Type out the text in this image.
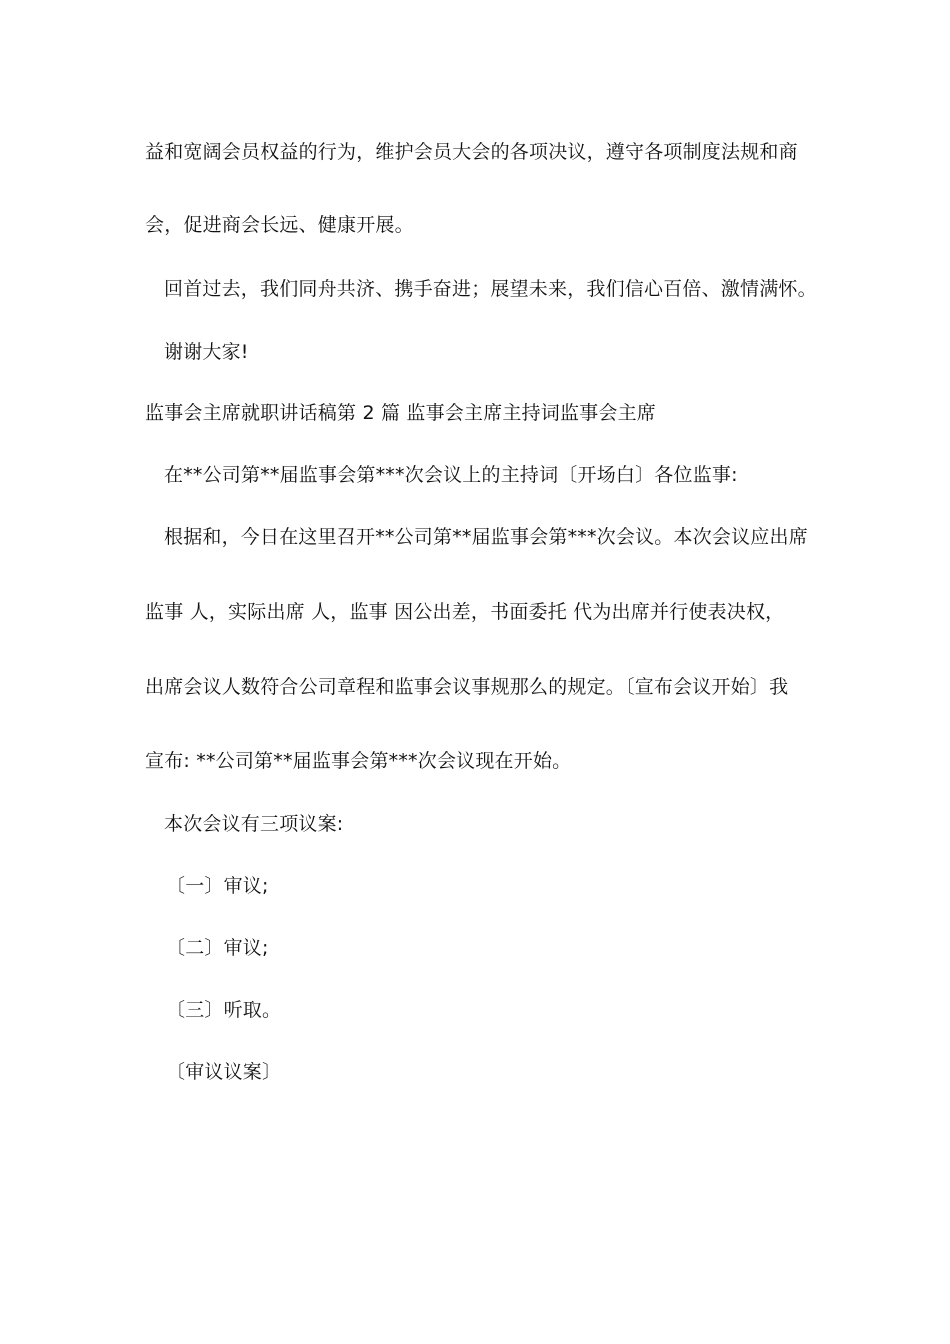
益和宽阔会员权益的行为，维护会员大会的各项决议，遵守各项制度法规和商
会，促进商会长远、健康开展。
回首过去，我们同舟共济、携手奋进；展望未来，我们信心百倍、激情满怀。
谢谢大家!
监事会主席就职讲话稿第 2 篇 监事会主席主持词监事会主席
在**公司第**届监事会第***次会议上的主持词〔开场白〕各位监事:
根据和，今日在这里召开**公司第**届监事会第***次会议。本次会议应出席
监事 人，实际出席 人，监事 因公出差，书面委托 代为出席并行使表决权，
出席会议人数符合公司章程和监事会议事规那么的规定。〔宣布会议开始〕我
宣布: **公司第**届监事会第***次会议现在开始。
本次会议有三项议案:
〔一〕审议;
〔二〕审议;
〔三〕听取。
〔审议议案〕
